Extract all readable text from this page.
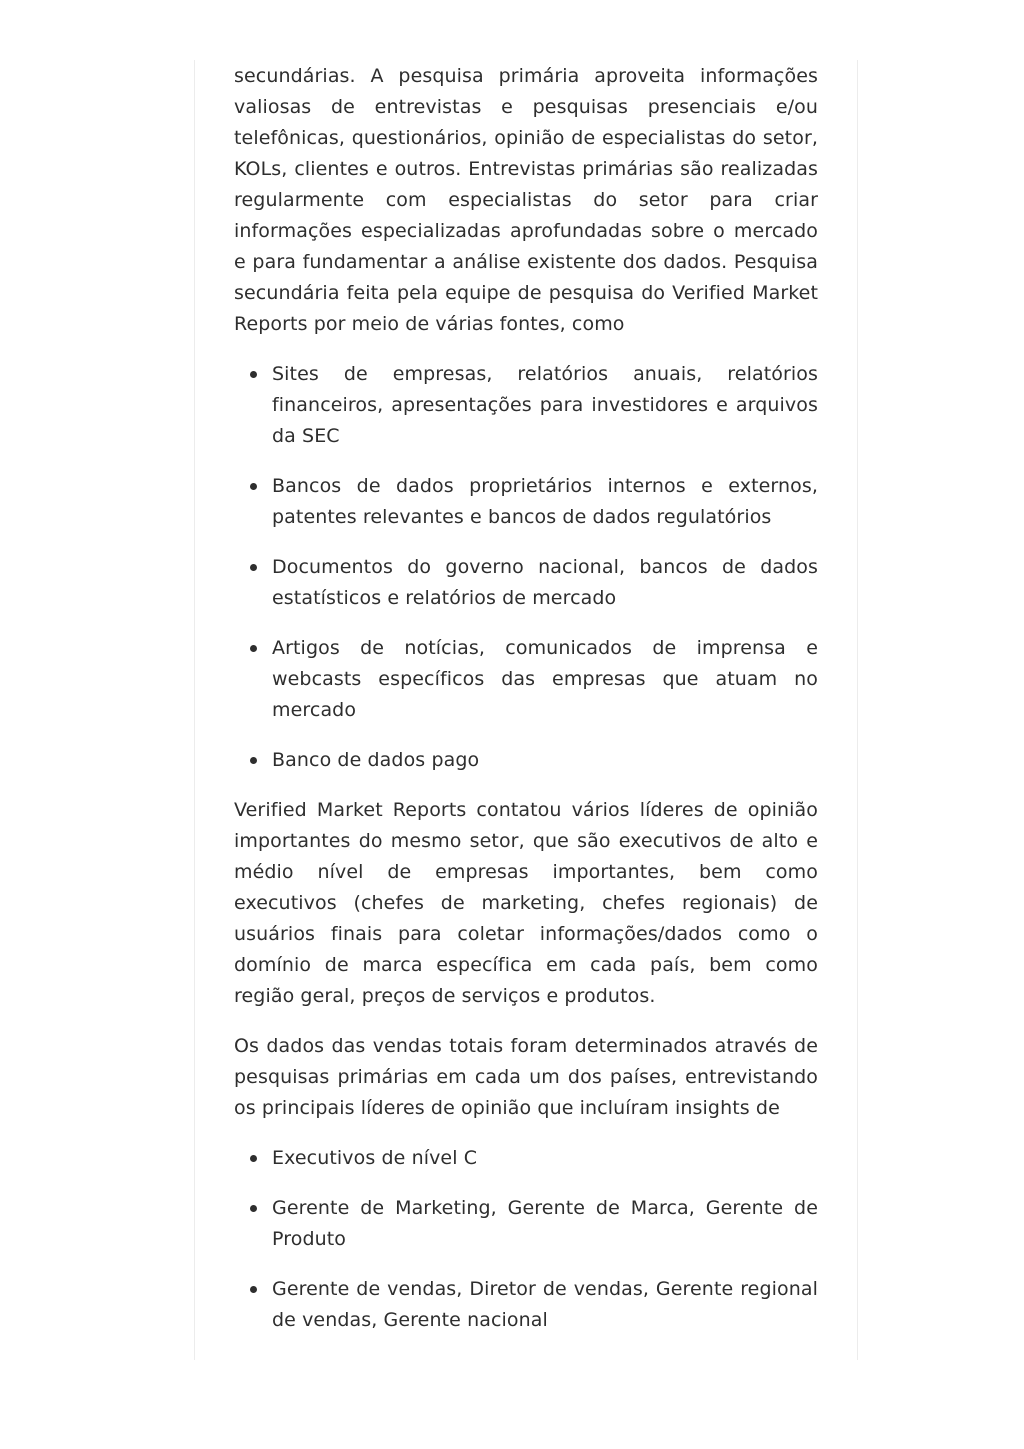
secundárias. A pesquisa primária aproveita informações valiosas de entrevistas e pesquisas presenciais e/ou telefônicas, questionários, opinião de especialistas do setor, KOLs, clientes e outros. Entrevistas primárias são realizadas regularmente com especialistas do setor para criar informações especializadas aprofundadas sobre o mercado e para fundamentar a análise existente dos dados. Pesquisa secundária feita pela equipe de pesquisa do Verified Market Reports por meio de várias fontes, como

Sites de empresas, relatórios anuais, relatórios financeiros, apresentações para investidores e arquivos da SEC
Bancos de dados proprietários internos e externos, patentes relevantes e bancos de dados regulatórios
Documentos do governo nacional, bancos de dados estatísticos e relatórios de mercado
Artigos de notícias, comunicados de imprensa e webcasts específicos das empresas que atuam no mercado
Banco de dados pago

Verified Market Reports contatou vários líderes de opinião importantes do mesmo setor, que são executivos de alto e médio nível de empresas importantes, bem como executivos (chefes de marketing, chefes regionais) de usuários finais para coletar informações/dados como o domínio de marca específica em cada país, bem como região geral, preços de serviços e produtos.

Os dados das vendas totais foram determinados através de pesquisas primárias em cada um dos países, entrevistando os principais líderes de opinião que incluíram insights de

Executivos de nível C
Gerente de Marketing, Gerente de Marca, Gerente de Produto
Gerente de vendas, Diretor de vendas, Gerente regional de vendas, Gerente nacional
